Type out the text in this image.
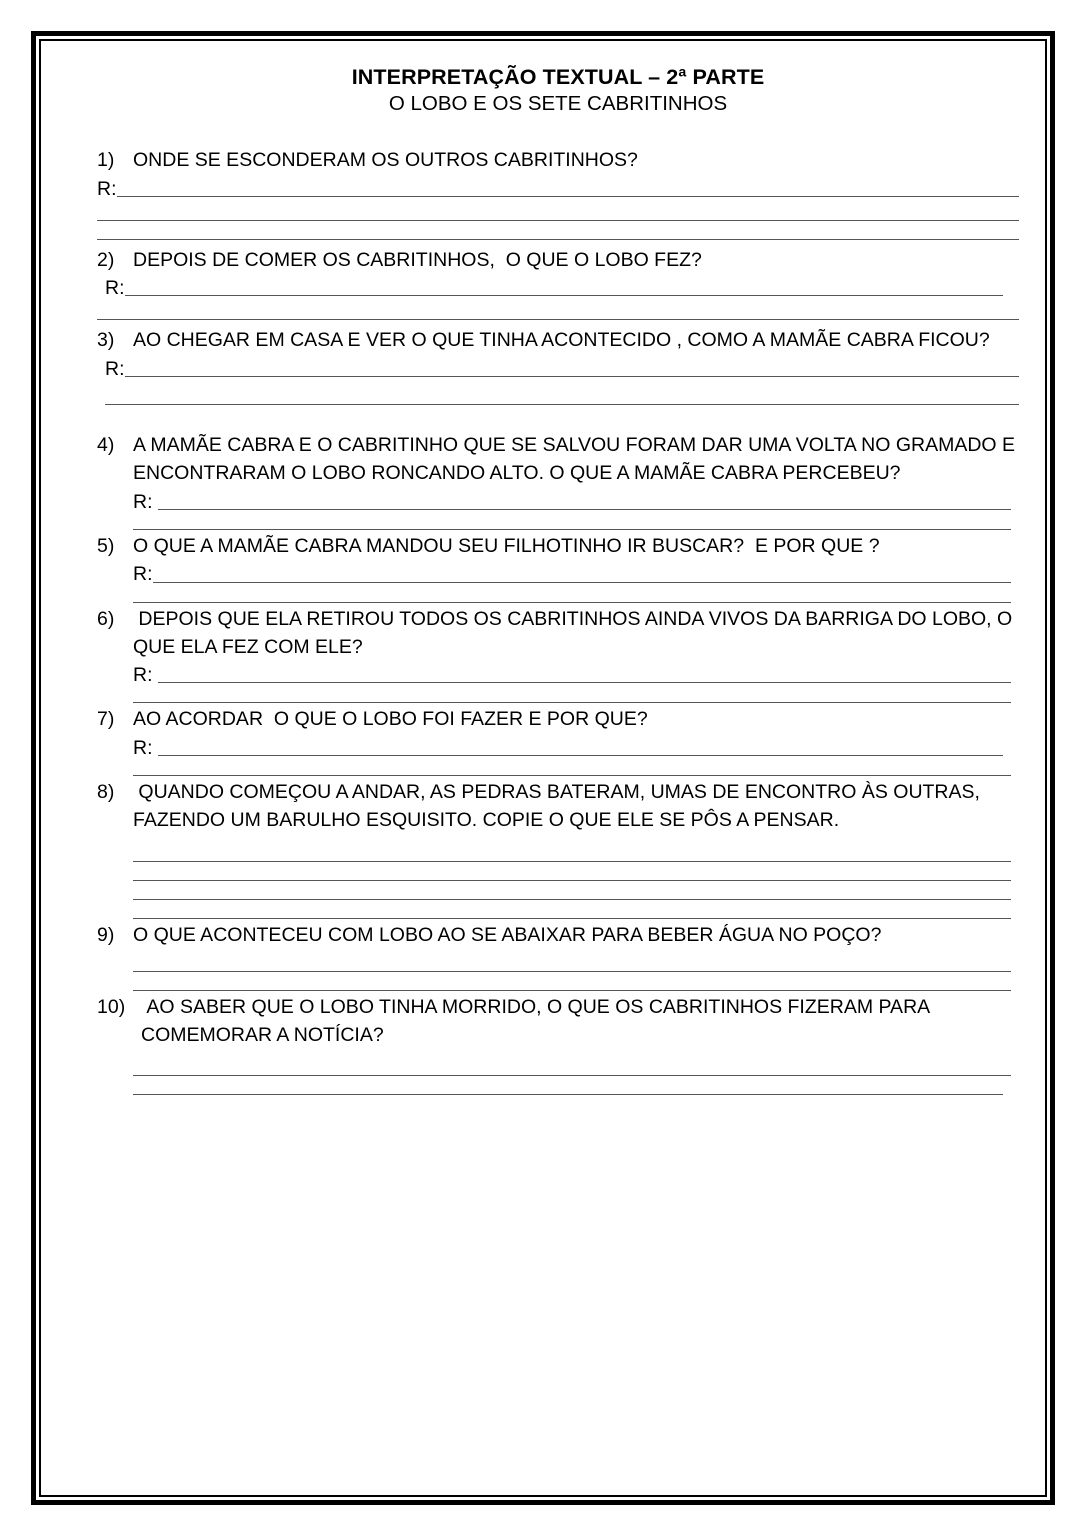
INTERPRETAÇÃO TEXTUAL – 2ª PARTE
O LOBO E OS SETE CABRITINHOS
1) ONDE SE ESCONDERAM OS OUTROS CABRITINHOS?
R:
2) DEPOIS DE COMER OS CABRITINHOS,  O QUE O LOBO FEZ?
R:
3) AO CHEGAR EM CASA E VER O QUE TINHA ACONTECIDO , COMO A MAMÃE CABRA FICOU?
R:
4) A MAMÃE CABRA E O CABRITINHO QUE SE SALVOU FORAM DAR UMA VOLTA NO GRAMADO E ENCONTRARAM O LOBO RONCANDO ALTO. O QUE A MAMÃE CABRA PERCEBEU?
R:
5) O QUE A MAMÃE CABRA MANDOU SEU FILHOTINHO IR BUSCAR?  E POR QUE ?
R:
6) DEPOIS QUE ELA RETIROU TODOS OS CABRITINHOS AINDA VIVOS DA BARRIGA DO LOBO, O QUE ELA FEZ COM ELE?
R:
7) AO ACORDAR  O QUE O LOBO FOI FAZER E POR QUE?
R:
8) QUANDO COMEÇOU A ANDAR, AS PEDRAS BATERAM, UMAS DE ENCONTRO ÀS OUTRAS, FAZENDO UM BARULHO ESQUISITO. COPIE O QUE ELE SE PÔS A PENSAR.
9) O QUE ACONTECEU COM LOBO AO SE ABAIXAR PARA BEBER ÁGUA NO POÇO?
10) AO SABER QUE O LOBO TINHA MORRIDO, O QUE OS CABRITINHOS FIZERAM PARA COMEMORAR A NOTÍCIA?
